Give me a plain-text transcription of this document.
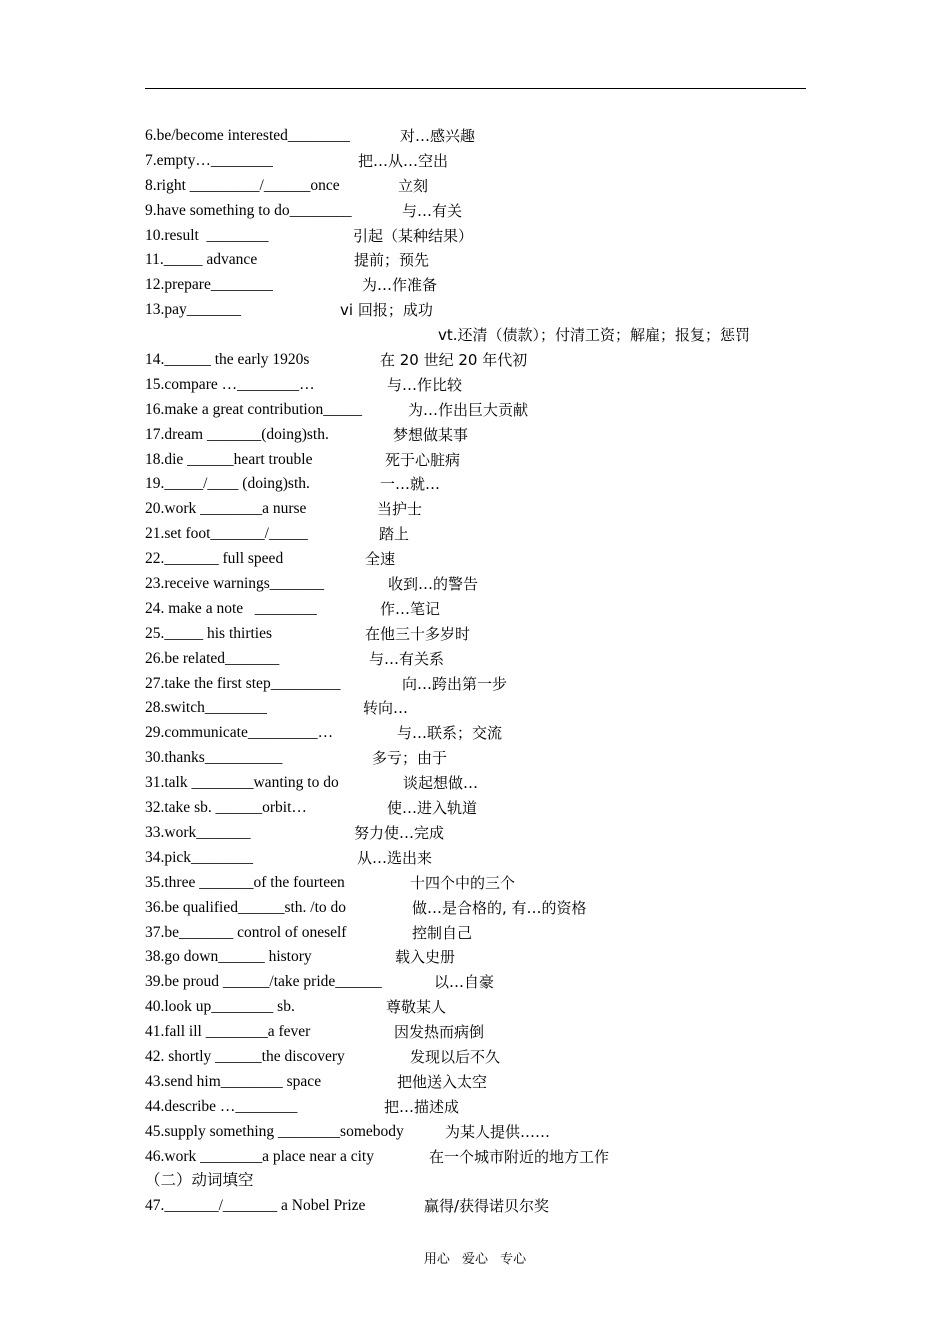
6.be/become interested________	对…感兴趣
7.empty…________	把…从…空出
8.right _________/______once	立刻
9.have something to do________	与…有关
10.result  ________	引起（某种结果）
11._____ advance	提前；预先
12.prepare________	为…作准备
13.pay_______	vi 回报；成功
vt.还清（债款）；付清工资；解雇；报复；惩罚
14.______ the early 1920s	在 20 世纪 20 年代初
15.compare …________…	与…作比较
16.make a great contribution_____	为…作出巨大贡献
17.dream _______(doing)sth.	梦想做某事
18.die ______heart trouble	死于心脏病
19._____/____ (doing)sth.	一…就…
20.work ________a nurse	当护士
21.set foot_______/_____	踏上
22._______ full speed	全速
23.receive warnings_______	收到…的警告
24. make a note   ________	作…笔记
25._____ his thirties	在他三十多岁时
26.be related_______	与…有关系
27.take the first step_________	向…跨出第一步
28.switch________	转向…
29.communicate_________…	与…联系；交流
30.thanks__________	多亏；由于
31.talk ________wanting to do	谈起想做…
32.take sb. ______orbit…	使…进入轨道
33.work_______	努力使…完成
34.pick________	从…选出来
35.three _______of the fourteen	十四个中的三个
36.be qualified______sth. /to do	做…是合格的, 有…的资格
37.be_______ control of oneself	控制自己
38.go down______ history	载入史册
39.be proud ______/take pride______	以…自豪
40.look up________ sb.	尊敬某人
41.fall ill ________a fever	因发热而病倒
42. shortly ______the discovery	发现以后不久
43.send him________ space	把他送入太空
44.describe …________	把…描述成
45.supply something ________somebody	为某人提供……
46.work ________a place near a city	在一个城市附近的地方工作
（二）动词填空
47._______/_______ a Nobel Prize	赢得/获得诺贝尔奖
用心 爱心 专心
